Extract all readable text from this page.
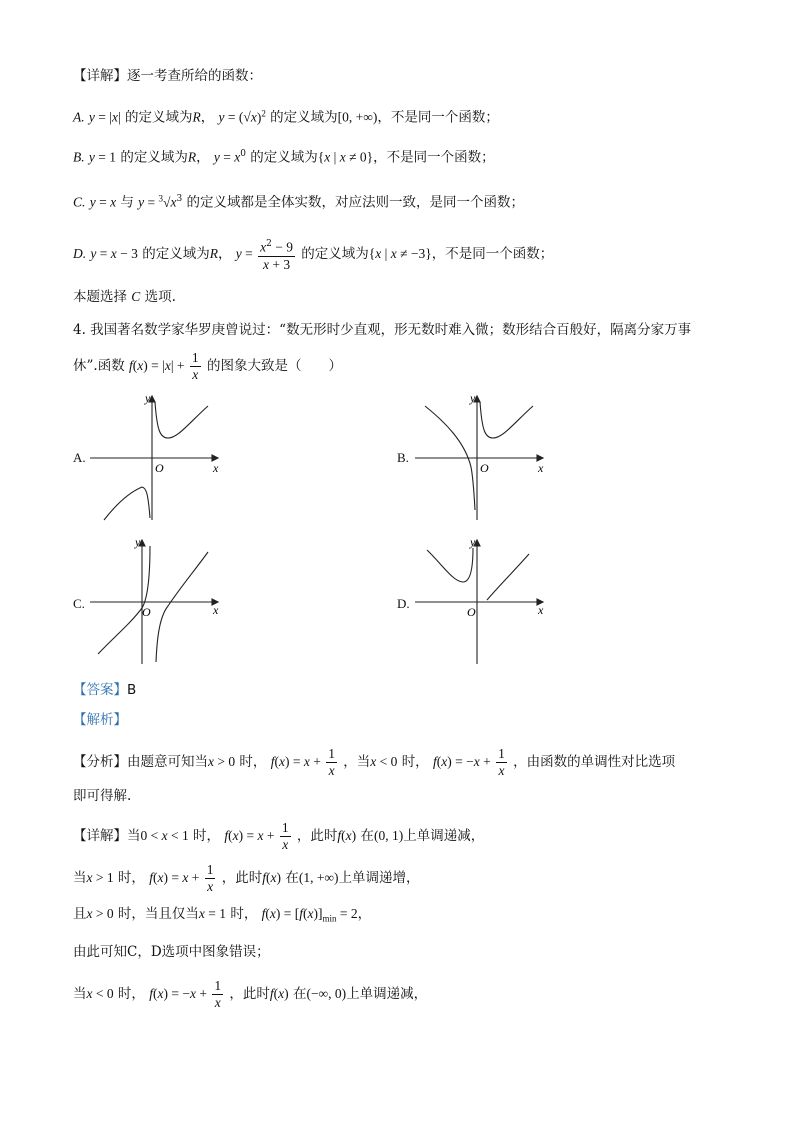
【详解】逐一考查所给的函数：
A. y = |x| 的定义域为R， $y = (√x)^2$ 的定义域为[0, +∞)，不是同一个函数；
B. y = 1 的定义域为R， $y = x^0$ 的定义域为{x | x ≠ 0}，不是同一个函数；
C. y = x 与 $y = ^3√x^3$ 的定义域都是全体实数，对应法则一致，是同一个函数；
D. y = x − 3 的定义域为R， $y = \frac{x^2 - 9}{x + 3}$ 的定义域为{x | x ≠ −3}，不是同一个函数；
本题选择 C 选项.
4. 我国著名数学家华罗庚曾说过：“数无形时少直观，形无数时难入微；数形结合百般好，隔离分家万事
休”.函数 $f(x) = |x| + \frac{1}{x}$ 的图象大致是（　　）
A.
y
x
O
B.
y
x
O
C.
y
x
O
D.
y
x
O
【答案】B
【解析】
【分析】由题意可知当x > 0 时， $f(x) = x + \frac{1}{x}$ ，当x < 0 时， $f(x) = -x + \frac{1}{x}$ ，由函数的单调性对比选项
即可得解.
【详解】当0 < x < 1 时， $f(x) = x + \frac{1}{x}$ ，此时f(x) 在(0, 1)上单调递减，
当x > 1 时， $f(x) = x + \frac{1}{x}$ ，此时f(x) 在(1, +∞)上单调递增，
且x > 0 时，当且仅当x = 1 时， $f(x) = [f(x)]_{min} = 2$，
由此可知C，D选项中图象错误；
当x < 0 时， $f(x) = -x + \frac{1}{x}$ ，此时f(x) 在(−∞, 0)上单调递减，
